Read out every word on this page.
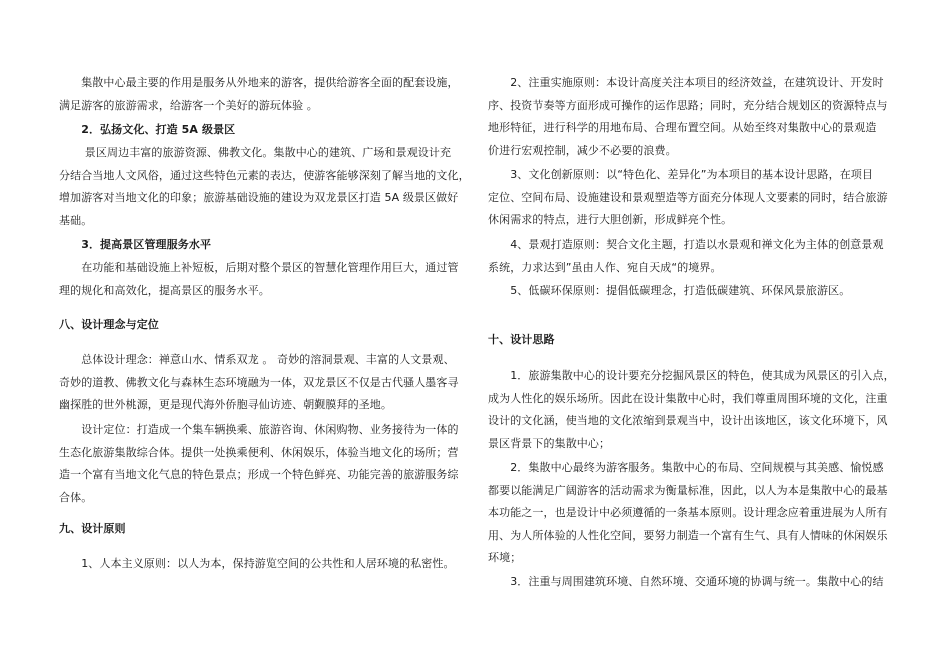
　　集散中心最主要的作用是服务从外地来的游客，提供给游客全面的配套设施，
满足游客的旅游需求，给游客一个美好的游玩体验 。
　　2．弘扬文化、打造 5A 级景区
　　 景区周边丰富的旅游资源、佛教文化。集散中心的建筑、广场和景观设计充
分结合当地人文风俗，通过这些特色元素的表达，使游客能够深刻了解当地的文化，
增加游客对当地文化的印象；旅游基础设施的建设为双龙景区打造 5A 级景区做好
基础。
　　3．提高景区管理服务水平
　　在功能和基础设施上补短板，后期对整个景区的智慧化管理作用巨大，通过管
理的规化和高效化，提高景区的服务水平。
八、设计理念与定位
　　总体设计理念：禅意山水、情系双龙 。 奇妙的溶洞景观、丰富的人文景观、
奇妙的道教、佛教文化与森林生态环境融为一体，双龙景区不仅是古代骚人墨客寻
幽探胜的世外桃源，更是现代海外侨胞寻仙访迹、朝觐膜拜的圣地。
　　设计定位：打造成一个集车辆换乘、旅游咨询、休闲购物、业务接待为一体的
生态化旅游集散综合体。提供一处换乘便利、休闲娱乐，体验当地文化的场所；营
造一个富有当地文化气息的特色景点；形成一个特色鲜亮、功能完善的旅游服务综
合体。
九、设计原则
　　1、人本主义原则：以人为本，保持游览空间的公共性和人居环境的私密性。
　　2、注重实施原则：本设计高度关注本项目的经济效益，在建筑设计、开发时
序、投资节奏等方面形成可操作的运作思路；同时，充分结合规划区的资源特点与
地形特征，进行科学的用地布局、合理布置空间。从始至终对集散中心的景观造
价进行宏观控制，减少不必要的浪费。
　　3、文化创新原则：以“特色化、差异化”为本项目的基本设计思路，在项目
定位、空间布局、设施建设和景观塑造等方面充分体现人文要素的同时，结合旅游
休闲需求的特点，进行大胆创新，形成鲜亮个性。
　　4、景观打造原则：契合文化主题，打造以水景观和禅文化为主体的创意景观
系统，力求达到”虽由人作、宛自天成“的境界。
　　5、低碳环保原则：提倡低碳理念，打造低碳建筑、环保风景旅游区。
十、设计思路
　　1．旅游集散中心的设计要充分挖掘风景区的特色，使其成为风景区的引入点，
成为人性化的娱乐场所。因此在设计集散中心时，我们尊重周围环境的文化，注重
设计的文化涵，使当地的文化浓缩到景观当中，设计出该地区，该文化环境下，风
景区背景下的集散中心；
　　2．集散中心最终为游客服务。集散中心的布局、空间规模与其美感、愉悦感
都要以能满足广阔游客的活动需求为衡量标准，因此，以人为本是集散中心的最基
本功能之一，也是设计中必须遵循的一条基本原则。设计理念应着重进展为人所有
用、为人所体验的人性化空间，要努力制造一个富有生气、具有人情味的休闲娱乐
环境；
　　3．注重与周围建筑环境、自然环境、交通环境的协调与统一。集散中心的结
